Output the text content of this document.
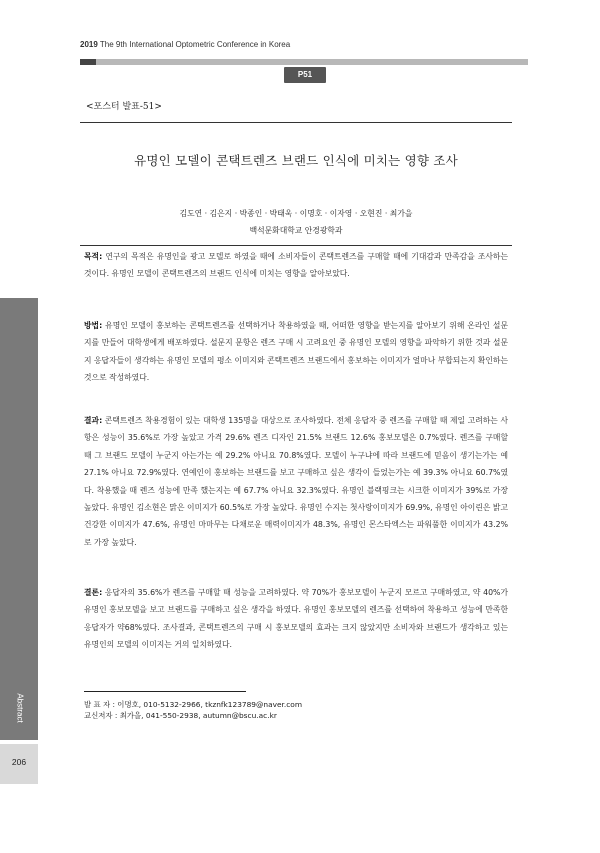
2019 The 9th International Optometric Conference in Korea
P51
<포스터 발표-51>
유명인 모델이 콘택트렌즈 브랜드 인식에 미치는 영향 조사
김도연 · 김은지 · 박종인 · 박태욱 · 이명호 · 이자영 · 오현진 · 최가을
백석문화대학교 안경광학과
목적: 연구의 목적은 유명인을 광고 모델로 하였을 때에 소비자들이 콘택트렌즈를 구매할 때에 기대감과 만족감을 조사하는 것이다. 유명인 모델이 콘택트렌즈의 브랜드 인식에 미치는 영향을 알아보았다.
방법: 유명인 모델이 홍보하는 콘택트렌즈를 선택하거나 착용하였을 때, 어떠한 영향을 받는지를 알아보기 위해 온라인 설문지를 만들어 대학생에게 배포하였다. 설문지 문항은 렌즈 구매 시 고려요인 중 유명인 모델의 영향을 파악하기 위한 것과 설문지 응답자들이 생각하는 유명인 모델의 평소 이미지와 콘택트렌즈 브랜드에서 홍보하는 이미지가 얼마나 부합되는지 확인하는 것으로 작성하였다.
결과: 콘택트렌즈 착용경험이 있는 대학생 135명을 대상으로 조사하였다. 전체 응답자 중 렌즈를 구매할 때 제일 고려하는 사항은 성능이 35.6%로 가장 높았고 가격 29.6% 렌즈 디자인 21.5% 브랜드 12.6% 홍보모델은 0.7%였다. 렌즈를 구매할 때 그 브랜드 모델이 누군지 아는가는 예 29.2% 아니요 70.8%였다. 모델이 누구냐에 따라 브랜드에 믿음이 생기는가는 예 27.1% 아니요 72.9%였다. 연예인이 홍보하는 브랜드를 보고 구매하고 싶은 생각이 들었는가는 예 39.3% 아니요 60.7%였다. 착용했을 때 렌즈 성능에 만족 했는지는 예 67.7% 아니요 32.3%였다. 유명인 블랙핑크는 시크한 이미지가 39%로 가장 높았다. 유명인 김소현은 맑은 이미지가 60.5%로 가장 높았다. 유명인 수지는 첫사랑이미지가 69.9%, 유명인 아이린은 밝고 건강한 이미지가 47.6%, 유명인 마마무는 다채로운 매력이미지가 48.3%, 유명인 몬스타엑스는 파워풀한 이미지가 43.2%로 가장 높았다.
결론: 응답자의 35.6%가 렌즈를 구매할 때 성능을 고려하였다. 약 70%가 홍보모델이 누군지 모르고 구매하였고, 약 40%가 유명인 홍보모델을 보고 브랜드를 구매하고 싶은 생각을 하였다. 유명인 홍보모델의 렌즈를 선택하여 착용하고 성능에 만족한 응답자가 약68%였다. 조사결과, 콘택트렌즈의 구매 시 홍보모델의 효과는 크지 않았지만 소비자와 브랜드가 생각하고 있는 유명인의 모델의 이미지는 거의 일치하였다.
발 표 자 : 이명호, 010-5132-2966, tkznfk123789@naver.com
교신저자 : 최가을, 041-550-2938, autumn@bscu.ac.kr
Abstract
206
